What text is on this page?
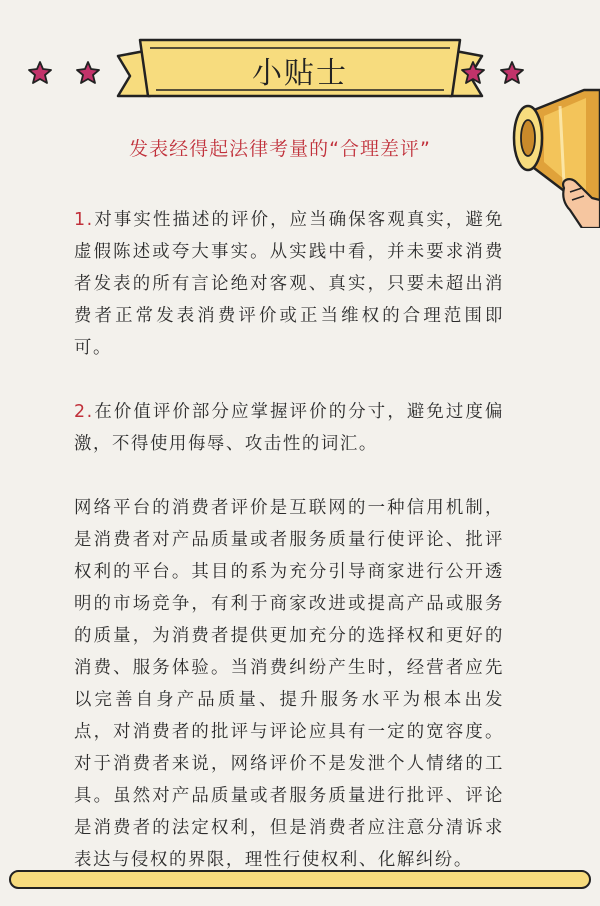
小贴士
发表经得起法律考量的“合理差评”

1.对事实性描述的评价，应当确保客观真实，避免虚假陈述或夸大事实。从实践中看，并未要求消费者发表的所有言论绝对客观、真实，只要未超出消费者正常发表消费评价或正当维权的合理范围即可。

2.在价值评价部分应掌握评价的分寸，避免过度偏激，不得使用侮辱、攻击性的词汇。

网络平台的消费者评价是互联网的一种信用机制，是消费者对产品质量或者服务质量行使评论、批评权利的平台。其目的系为充分引导商家进行公开透明的市场竞争，有利于商家改进或提高产品或服务的质量，为消费者提供更加充分的选择权和更好的消费、服务体验。当消费纠纷产生时，经营者应先以完善自身产品质量、提升服务水平为根本出发点，对消费者的批评与评论应具有一定的宽容度。对于消费者来说，网络评价不是发泄个人情绪的工具。虽然对产品质量或者服务质量进行批评、评论是消费者的法定权利，但是消费者应注意分清诉求表达与侵权的界限，理性行使权利、化解纠纷。
